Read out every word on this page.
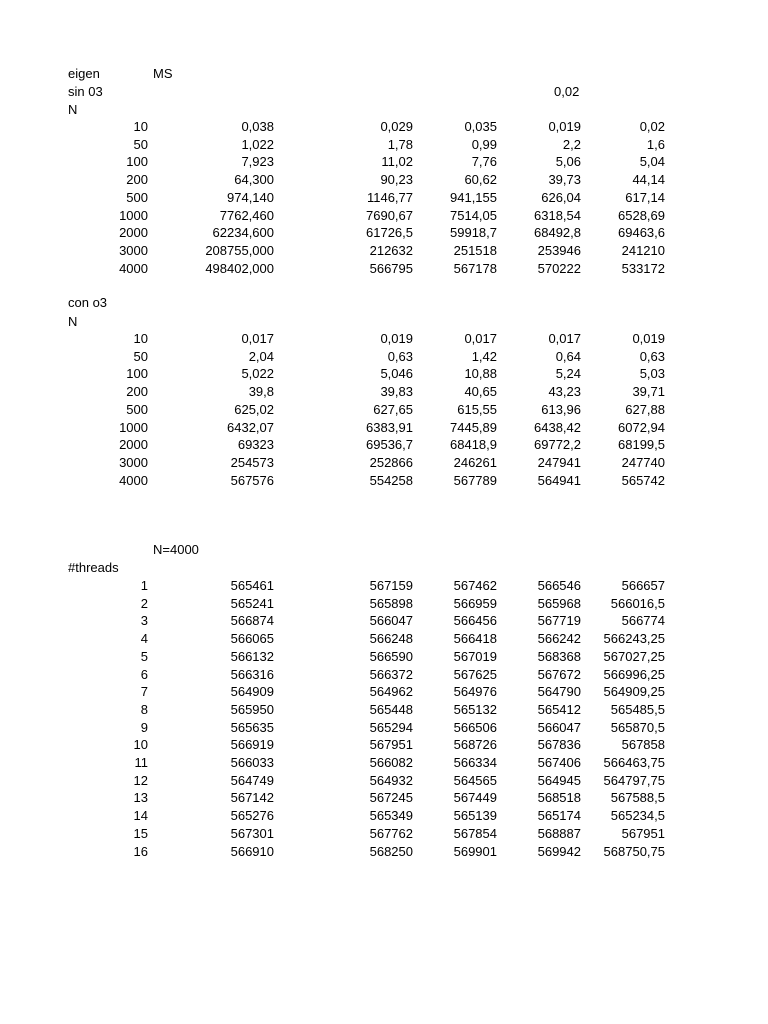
eigen	MS
sin 03	0,02
N
con o3
N
N=4000
#threads
10	0,038	0,029	0,035	0,019	0,02
50	1,022	1,78	0,99	2,2	1,6
100	7,923	11,02	7,76	5,06	5,04
200	64,300	90,23	60,62	39,73	44,14
500	974,140	1146,77	941,155	626,04	617,14
1000	7762,460	7690,67	7514,05	6318,54	6528,69
2000	62234,600	61726,5	59918,7	68492,8	69463,6
3000	208755,000	212632	251518	253946	241210
4000	498402,000	566795	567178	570222	533172
10	0,017	0,019	0,017	0,017	0,019
50	2,04	0,63	1,42	0,64	0,63
100	5,022	5,046	10,88	5,24	5,03
200	39,8	39,83	40,65	43,23	39,71
500	625,02	627,65	615,55	613,96	627,88
1000	6432,07	6383,91	7445,89	6438,42	6072,94
2000	69323	69536,7	68418,9	69772,2	68199,5
3000	254573	252866	246261	247941	247740
4000	567576	554258	567789	564941	565742
1	565461	567159	567462	566546	566657
2	565241	565898	566959	565968	566016,5
3	566874	566047	566456	567719	566774
4	566065	566248	566418	566242	566243,25
5	566132	566590	567019	568368	567027,25
6	566316	566372	567625	567672	566996,25
7	564909	564962	564976	564790	564909,25
8	565950	565448	565132	565412	565485,5
9	565635	565294	566506	566047	565870,5
10	566919	567951	568726	567836	567858
11	566033	566082	566334	567406	566463,75
12	564749	564932	564565	564945	564797,75
13	567142	567245	567449	568518	567588,5
14	565276	565349	565139	565174	565234,5
15	567301	567762	567854	568887	567951
16	566910	568250	569901	569942	568750,75
